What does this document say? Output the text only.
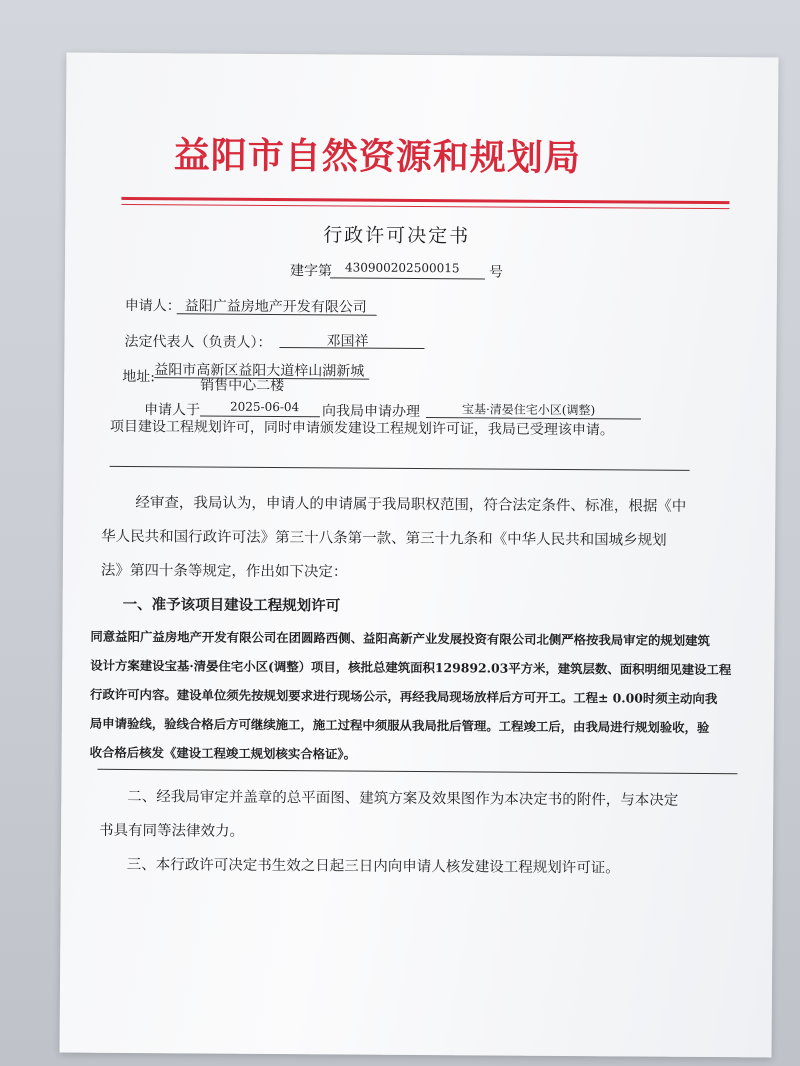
益阳市自然资源和规划局
行政许可决定书
建字第 430900202500015 号
申请人： 益阳广益房地产开发有限公司
法定代表人（负责人）：	邓国祥
地址: 益阳市高新区益阳大道梓山湖新城
销售中心二楼
申请人于 2025-06-04 向我局申请办理	宝基·清晏住宅小区(调整)
项目建设工程规划许可，同时申请颁发建设工程规划许可证，我局已受理该申请。
经审查，我局认为，申请人的申请属于我局职权范围，符合法定条件、标准，根据《中
华人民共和国行政许可法》第三十八条第一款、第三十九条和《中华人民共和国城乡规划
法》第四十条等规定，作出如下决定：
一、准予该项目建设工程规划许可
同意益阳广益房地产开发有限公司在团圆路西侧、益阳高新产业发展投资有限公司北侧严格按我局审定的规划建筑
设计方案建设宝基·清晏住宅小区(调整）项目，核批总建筑面积129892.03平方米，建筑层数、面积明细见建设工程
行政许可内容。建设单位须先按规划要求进行现场公示，再经我局现场放样后方可开工。工程± 0.00时须主动向我
局申请验线，验线合格后方可继续施工，施工过程中须服从我局批后管理。工程竣工后，由我局进行规划验收，验
收合格后核发《建设工程竣工规划核实合格证》。
二、经我局审定并盖章的总平面图、建筑方案及效果图作为本决定书的附件，与本决定
书具有同等法律效力。
三、本行政许可决定书生效之日起三日内向申请人核发建设工程规划许可证。
